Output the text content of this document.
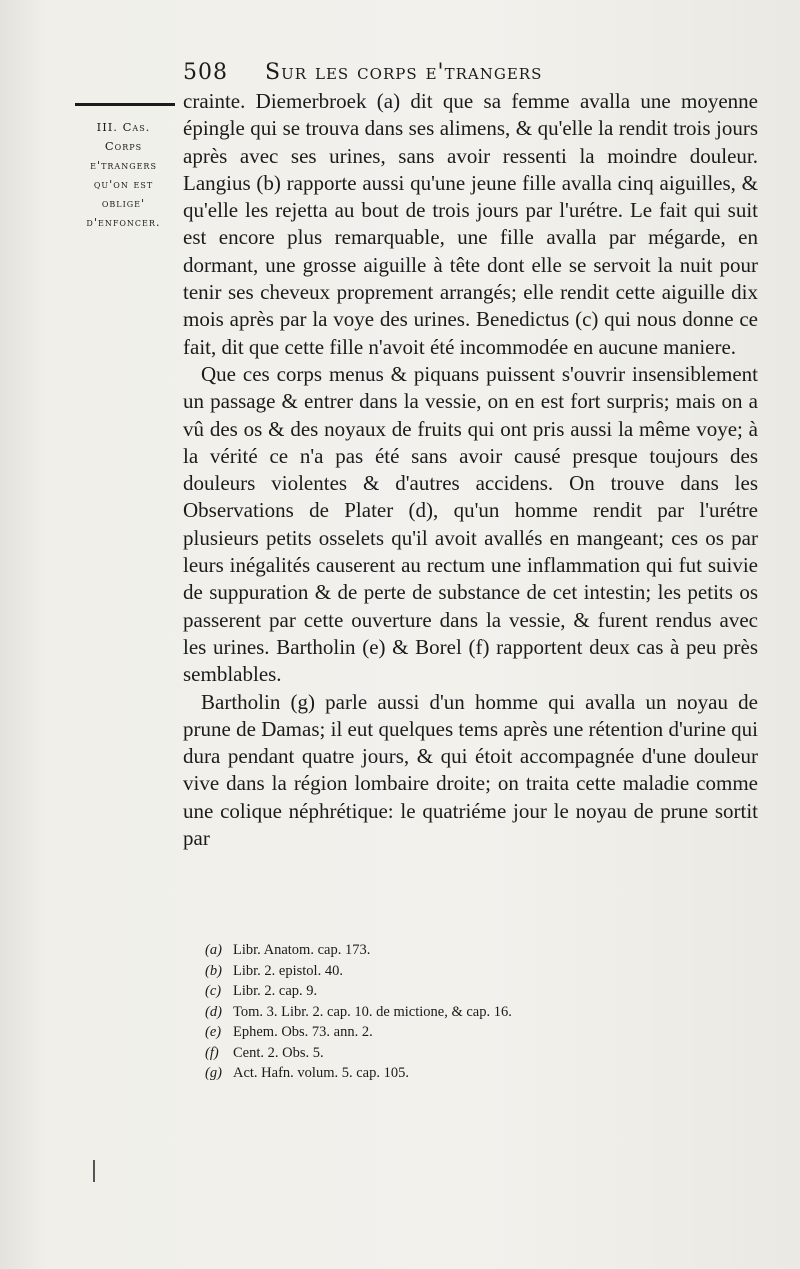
508 Sur les corps e'trangers
III. Cas.
Corps
e'trangers
qu'on est
oblige'
d'enfoncer.

crainte. Diemerbroek (a) dit que sa femme avalla une moyenne épingle qui se trouva dans ses alimens, & qu'elle la rendit trois jours après avec ses urines, sans avoir ressenti la moindre douleur. Langius (b) rapporte aussi qu'une jeune fille avalla cinq aiguilles, & qu'elle les rejetta au bout de trois jours par l'urétre. Le fait qui suit est encore plus remarquable, une fille avalla par mégarde, en dormant, une grosse aiguille à tête dont elle se servoit la nuit pour tenir ses cheveux proprement arrangés; elle rendit cette aiguille dix mois après par la voye des urines. Benedictus (c) qui nous donne ce fait, dit que cette fille n'avoit été incommodée en aucune maniere.

Que ces corps menus & piquans puissent s'ouvrir insensiblement un passage & entrer dans la vessie, on en est fort surpris; mais on a vû des os & des noyaux de fruits qui ont pris aussi la même voye; à la vérité ce n'a pas été sans avoir causé presque toujours des douleurs violentes & d'autres accidens. On trouve dans les Observations de Plater (d), qu'un homme rendit par l'urétre plusieurs petits osselets qu'il avoit avallés en mangeant; ces os par leurs inégalités causerent au rectum une inflammation qui fut suivie de suppuration & de perte de substance de cet intestin; les petits os passerent par cette ouverture dans la vessie, & furent rendus avec les urines. Bartholin (e) & Borel (f) rapportent deux cas à peu près semblables.

Bartholin (g) parle aussi d'un homme qui avalla un noyau de prune de Damas; il eut quelques tems après une rétention d'urine qui dura pendant quatre jours, & qui étoit accompagnée d'une douleur vive dans la région lombaire droite; on traita cette maladie comme une colique néphrétique: le quatriéme jour le noyau de prune sortit par

(a) Libr. Anatom. cap. 173.
(b) Libr. 2. epistol. 40.
(c) Libr. 2. cap. 9.
(d) Tom. 3. Libr. 2. cap. 10. de mictione, & cap. 16.
(e) Ephem. Obs. 73. ann. 2.
(f) Cent. 2. Obs. 5.
(g) Act. Hafn. volum. 5. cap. 105.
